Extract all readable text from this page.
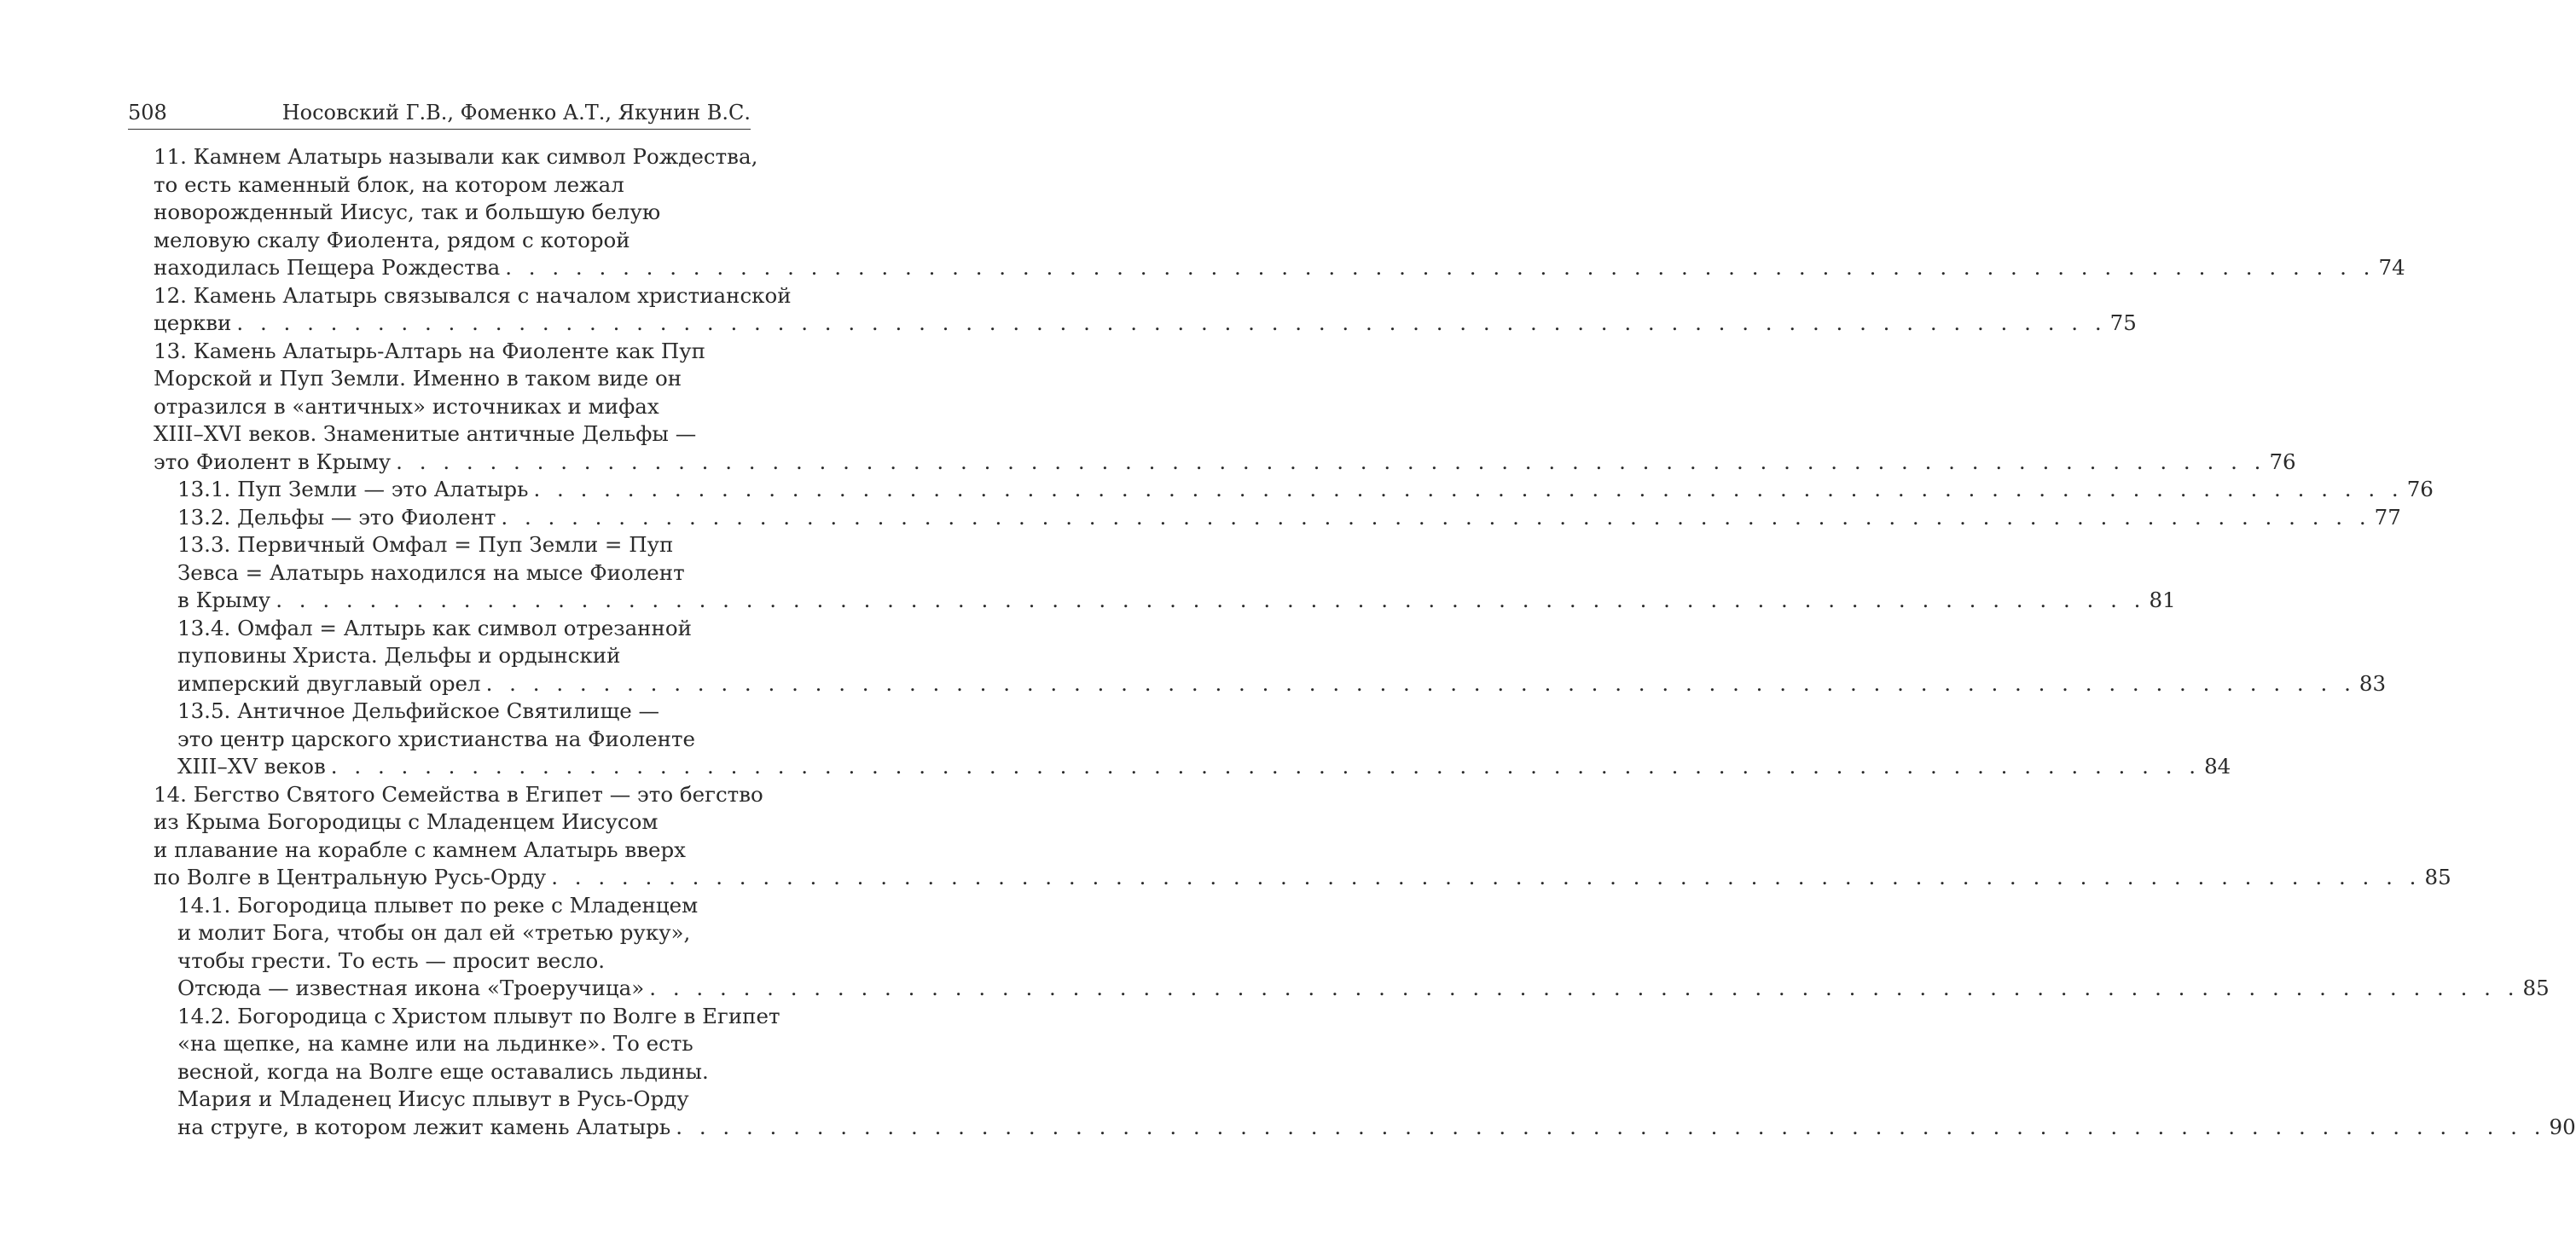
508	Носовский Г.В., Фоменко А.Т., Якунин В.С.
11. Камнем Алатырь называли как символ Рождества,
то есть каменный блок, на котором лежал
новорожденный Иисус, так и большую белую
меловую скалу Фиолента, рядом с которой
находилась Пещера Рождества . . . . . . . . . . . . . . . . . . . . . . . . . . . . . . . . . . . . . . . . . . . . . . . . . . . . . . . . . . . . . . . . . . . . . . . . . . . . . . . . 74
12. Камень Алатырь связывался с началом христианской
церкви . . . . . . . . . . . . . . . . . . . . . . . . . . . . . . . . . . . . . . . . . . . . . . . . . . . . . . . . . . . . . . . . . . . . . . . . . . . . . . . . 75
13. Камень Алатырь-Алтарь на Фиоленте как Пуп
Морской и Пуп Земли. Именно в таком виде он
отразился в «античных» источниках и мифах
XIII–XVI веков. Знаменитые античные Дельфы —
это Фиолент в Крыму . . . . . . . . . . . . . . . . . . . . . . . . . . . . . . . . . . . . . . . . . . . . . . . . . . . . . . . . . . . . . . . . . . . . . . . . . . . . . . . . 76
13.1. Пуп Земли — это Алатырь . . . . . . . . . . . . . . . . . . . . . . . . . . . . . . . . . . . . . . . . . . . . . . . . . . . . . . . . . . . . . . . . . . . . . . . . . . . . . . . . 76
13.2. Дельфы — это Фиолент . . . . . . . . . . . . . . . . . . . . . . . . . . . . . . . . . . . . . . . . . . . . . . . . . . . . . . . . . . . . . . . . . . . . . . . . . . . . . . . . 77
13.3. Первичный Омфал = Пуп Земли = Пуп
Зевса = Алатырь находился на мысе Фиолент
в Крыму . . . . . . . . . . . . . . . . . . . . . . . . . . . . . . . . . . . . . . . . . . . . . . . . . . . . . . . . . . . . . . . . . . . . . . . . . . . . . . . . 81
13.4. Омфал = Алтырь как символ отрезанной
пуповины Христа. Дельфы и ордынский
имперский двуглавый орел . . . . . . . . . . . . . . . . . . . . . . . . . . . . . . . . . . . . . . . . . . . . . . . . . . . . . . . . . . . . . . . . . . . . . . . . . . . . . . . . 83
13.5. Античное Дельфийское Святилище —
это центр царского христианства на Фиоленте
XIII–XV веков . . . . . . . . . . . . . . . . . . . . . . . . . . . . . . . . . . . . . . . . . . . . . . . . . . . . . . . . . . . . . . . . . . . . . . . . . . . . . . . . 84
14. Бегство Святого Семейства в Египет — это бегство
из Крыма Богородицы с Младенцем Иисусом
и плавание на корабле с камнем Алатырь вверх
по Волге в Центральную Русь-Орду . . . . . . . . . . . . . . . . . . . . . . . . . . . . . . . . . . . . . . . . . . . . . . . . . . . . . . . . . . . . . . . . . . . . . . . . . . . . . . . . 85
14.1. Богородица плывет по реке с Младенцем
и молит Бога, чтобы он дал ей «третью руку»,
чтобы грести. То есть — просит весло.
Отсюда — известная икона «Троеручица» . . . . . . . . . . . . . . . . . . . . . . . . . . . . . . . . . . . . . . . . . . . . . . . . . . . . . . . . . . . . . . . . . . . . . . . . . . . . . . . . 85
14.2. Богородица с Христом плывут по Волге в Египет
«на щепке, на камне или на льдинке». То есть
весной, когда на Волге еще оставались льдины.
Мария и Младенец Иисус плывут в Русь-Орду
на струге, в котором лежит камень Алатырь . . . . . . . . . . . . . . . . . . . . . . . . . . . . . . . . . . . . . . . . . . . . . . . . . . . . . . . . . . . . . . . . . . . . . . . . . . . . . . . . 90
